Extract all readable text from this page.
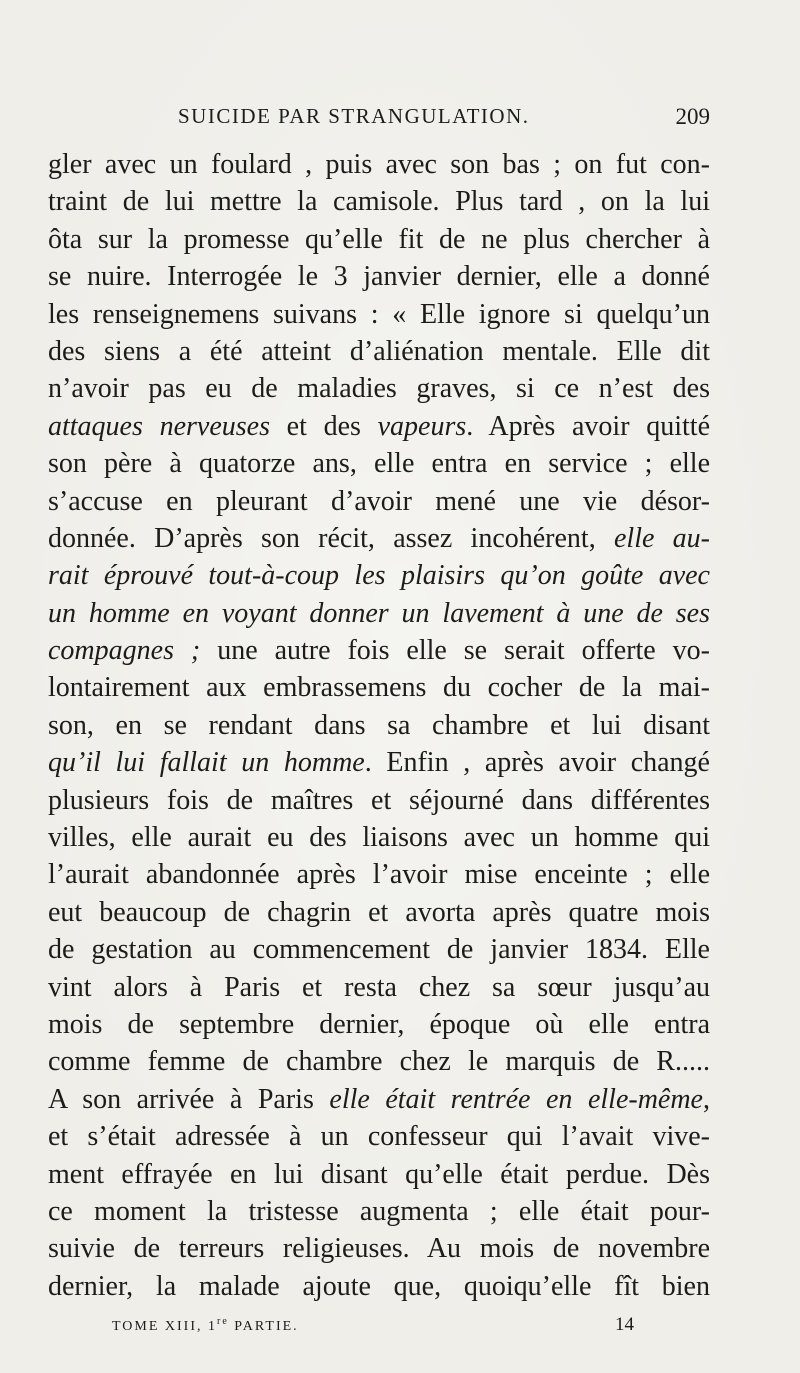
SUICIDE PAR STRANGULATION.	209
gler avec un foulard , puis avec son bas ; on fut con-
traint de lui mettre la camisole. Plus tard , on la lui
ôta sur la promesse qu’elle fit de ne plus chercher à
se nuire. Interrogée le 3 janvier dernier, elle a donné
les renseignemens suivans : « Elle ignore si quelqu’un
des siens a été atteint d’aliénation mentale. Elle dit
n’avoir pas eu de maladies graves, si ce n’est des
attaques nerveuses et des vapeurs. Après avoir quitté
son père à quatorze ans, elle entra en service ; elle
s’accuse en pleurant d’avoir mené une vie désor-
donnée. D’après son récit, assez incohérent, elle au-
rait éprouvé tout-à-coup les plaisirs qu’on goûte avec
un homme en voyant donner un lavement à une de ses
compagnes ; une autre fois elle se serait offerte vo-
lontairement aux embrassemens du cocher de la mai-
son, en se rendant dans sa chambre et lui disant
qu’il lui fallait un homme. Enfin , après avoir changé
plusieurs fois de maîtres et séjourné dans différentes
villes, elle aurait eu des liaisons avec un homme qui
l’aurait abandonnée après l’avoir mise enceinte ; elle
eut beaucoup de chagrin et avorta après quatre mois
de gestation au commencement de janvier 1834. Elle
vint alors à Paris et resta chez sa sœur jusqu’au
mois de septembre dernier, époque où elle entra
comme femme de chambre chez le marquis de R.....
A son arrivée à Paris elle était rentrée en elle-même,
et s’était adressée à un confesseur qui l’avait vive-
ment effrayée en lui disant qu’elle était perdue. Dès
ce moment la tristesse augmenta ; elle était pour-
suivie de terreurs religieuses. Au mois de novembre
dernier, la malade ajoute que, quoiqu’elle fît bien
TOME XIII, 1re PARTIE.	14
